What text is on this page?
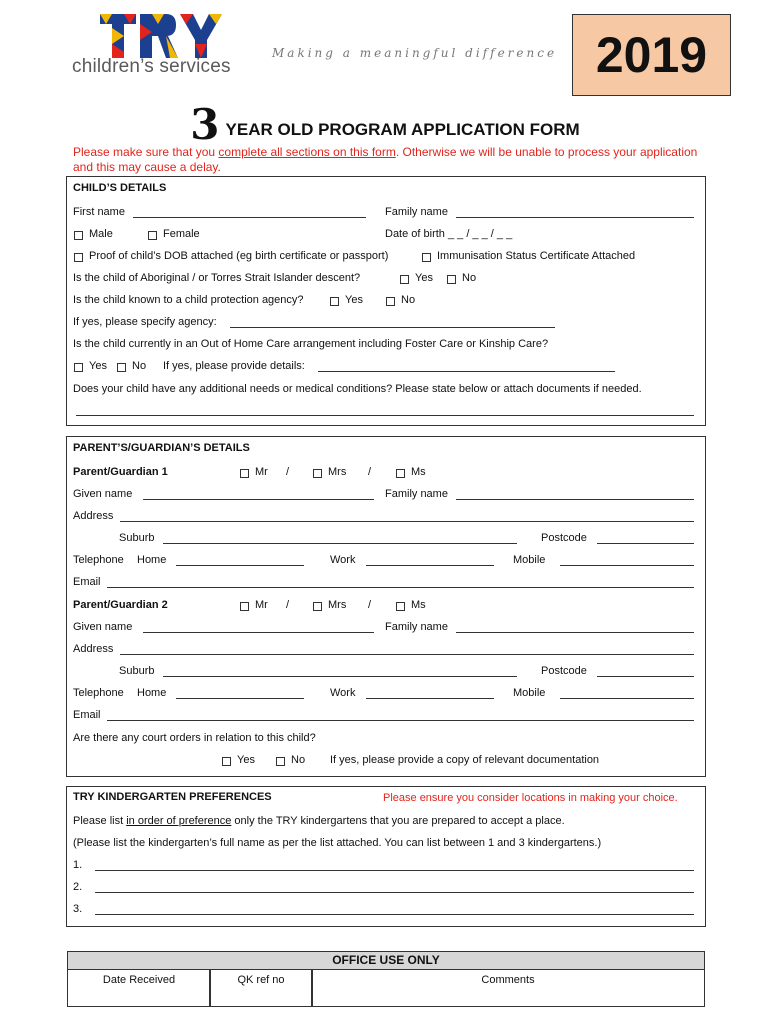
children’s services
Making a meaningful difference 2019
3 YEAR OLD PROGRAM APPLICATION FORM
Please make sure that you complete all sections on this form. Otherwise we will be unable to process your application and this may cause a delay.
CHILD’S DETAILS
First name	Family name
Male	Female	Date of birth _ _ / _ _ / _ _
Proof of child’s DOB attached (eg birth certificate or passport)	Immunisation Status Certificate Attached
Is the child of Aboriginal / or Torres Strait Islander descent?	Yes	No
Is the child known to a child protection agency?	Yes	No
If yes, please specify agency:
Is the child currently in an Out of Home Care arrangement including Foster Care or Kinship Care?
Yes No If yes, please provide details:
Does your child have any additional needs or medical conditions? Please state below or attach documents if needed.
PARENT’S/GUARDIAN’S DETAILS
Parent/Guardian 1	Mr /	Mrs /	Ms
Given name	Family name
Address
Suburb	Postcode
Telephone Home	Work	Mobile
Email
Parent/Guardian 2	Mr /	Mrs /	Ms
Given name	Family name
Address
Suburb	Postcode
Telephone Home	Work	Mobile
Email
Are there any court orders in relation to this child?
Yes	No If yes, please provide a copy of relevant documentation
TRY KINDERGARTEN PREFERENCES	Please ensure you consider locations in making your choice.
Please list in order of preference only the TRY kindergartens that you are prepared to accept a place.
(Please list the kindergarten’s full name as per the list attached. You can list between 1 and 3 kindergartens.)
1.
2.
3.
OFFICE USE ONLY
Date Received	QK ref no	Comments
